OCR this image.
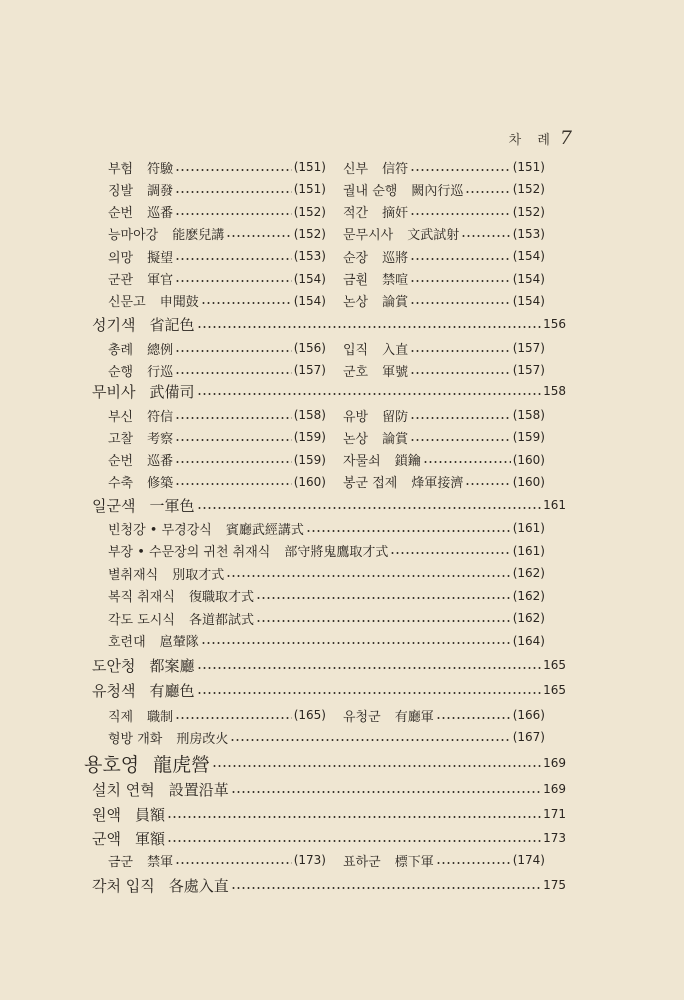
차 례 7
부험 符驗	(151) 신부 信符	(151)
징발 調發	(151) 궐내 순행 闕內行巡	(152)
순번 巡番	(152) 적간 摘奸	(152)
능마아강 能麽兒講	(152) 문무시사 文武試射	(153)
의망 擬望	(153) 순장 巡將	(154)
군관 軍官	(154) 금훤 禁喧	(154)
신문고 申聞鼓	(154) 논상 論賞	(154)
성기색 省記色	156
총례 總例	(156) 입직 入直	(157)
순행 行巡	(157) 군호 軍號	(157)
무비사 武備司	158
부신 符信	(158) 유방 留防	(158)
고찰 考察	(159) 논상 論賞	(159)
순번 巡番	(159) 자물쇠 鎖鑰	(160)
수축 修築	(160) 봉군 접제 烽軍接濟	(160)
일군색 一軍色	161
빈청강 • 무경강식 賓廳武經講式	(161)
부장 • 수문장의 귀천 취재식 部守將鬼鷹取才式	(161)
별취재식 別取才式	(162)
복직 취재식 復職取才式	(162)
각도 도시식 各道都試式	(162)
호련대 扈輦隊	(164)
도안청 都案廳	165
유청색 有廳色	165
직제 職制	(165) 유청군 有廳軍	(166)
형방 개화 刑房改火	(167)
용호영 龍虎營	169
설치 연혁 設置沿革	169
원액 員額	171
군액 軍額	173
금군 禁軍	(173) 표하군 標下軍	(174)
각처 입직 各處入直	175
